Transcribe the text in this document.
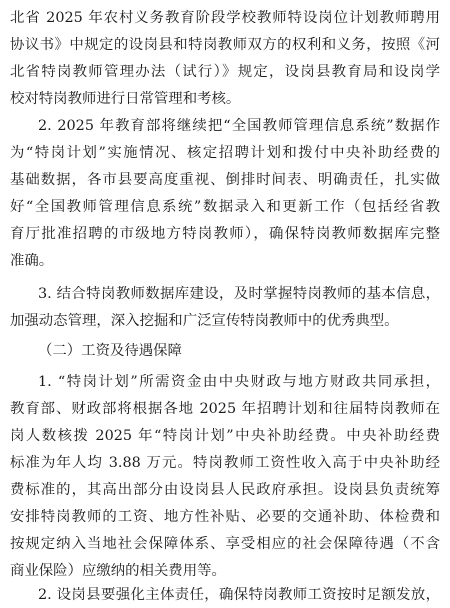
北省 2025 年农村义务教育阶段学校教师特设岗位计划教师聘用
协议书》中规定的设岗县和特岗教师双方的权利和义务，按照《河
北省特岗教师管理办法（试行）》规定，设岗县教育局和设岗学
校对特岗教师进行日常管理和考核。
2. 2025 年教育部将继续把“全国教师管理信息系统”数据作
为“特岗计划”实施情况、核定招聘计划和拨付中央补助经费的
基础数据，各市县要高度重视、倒排时间表、明确责任，扎实做
好“全国教师管理信息系统”数据录入和更新工作（包括经省教
育厅批准招聘的市级地方特岗教师），确保特岗教师数据库完整
准确。
3. 结合特岗教师数据库建设，及时掌握特岗教师的基本信息，
加强动态管理，深入挖掘和广泛宣传特岗教师中的优秀典型。
（二）工资及待遇保障
1. “特岗计划”所需资金由中央财政与地方财政共同承担，
教育部、财政部将根据各地 2025 年招聘计划和往届特岗教师在
岗人数核拨 2025 年“特岗计划”中央补助经费。中央补助经费
标准为年人均 3.88 万元。特岗教师工资性收入高于中央补助经
费标准的，其高出部分由设岗县人民政府承担。设岗县负责统筹
安排特岗教师的工资、地方性补贴、必要的交通补助、体检费和
按规定纳入当地社会保障体系、享受相应的社会保障待遇（不含
商业保险）应缴纳的相关费用等。
2. 设岗县要强化主体责任，确保特岗教师工资按时足额发放，
